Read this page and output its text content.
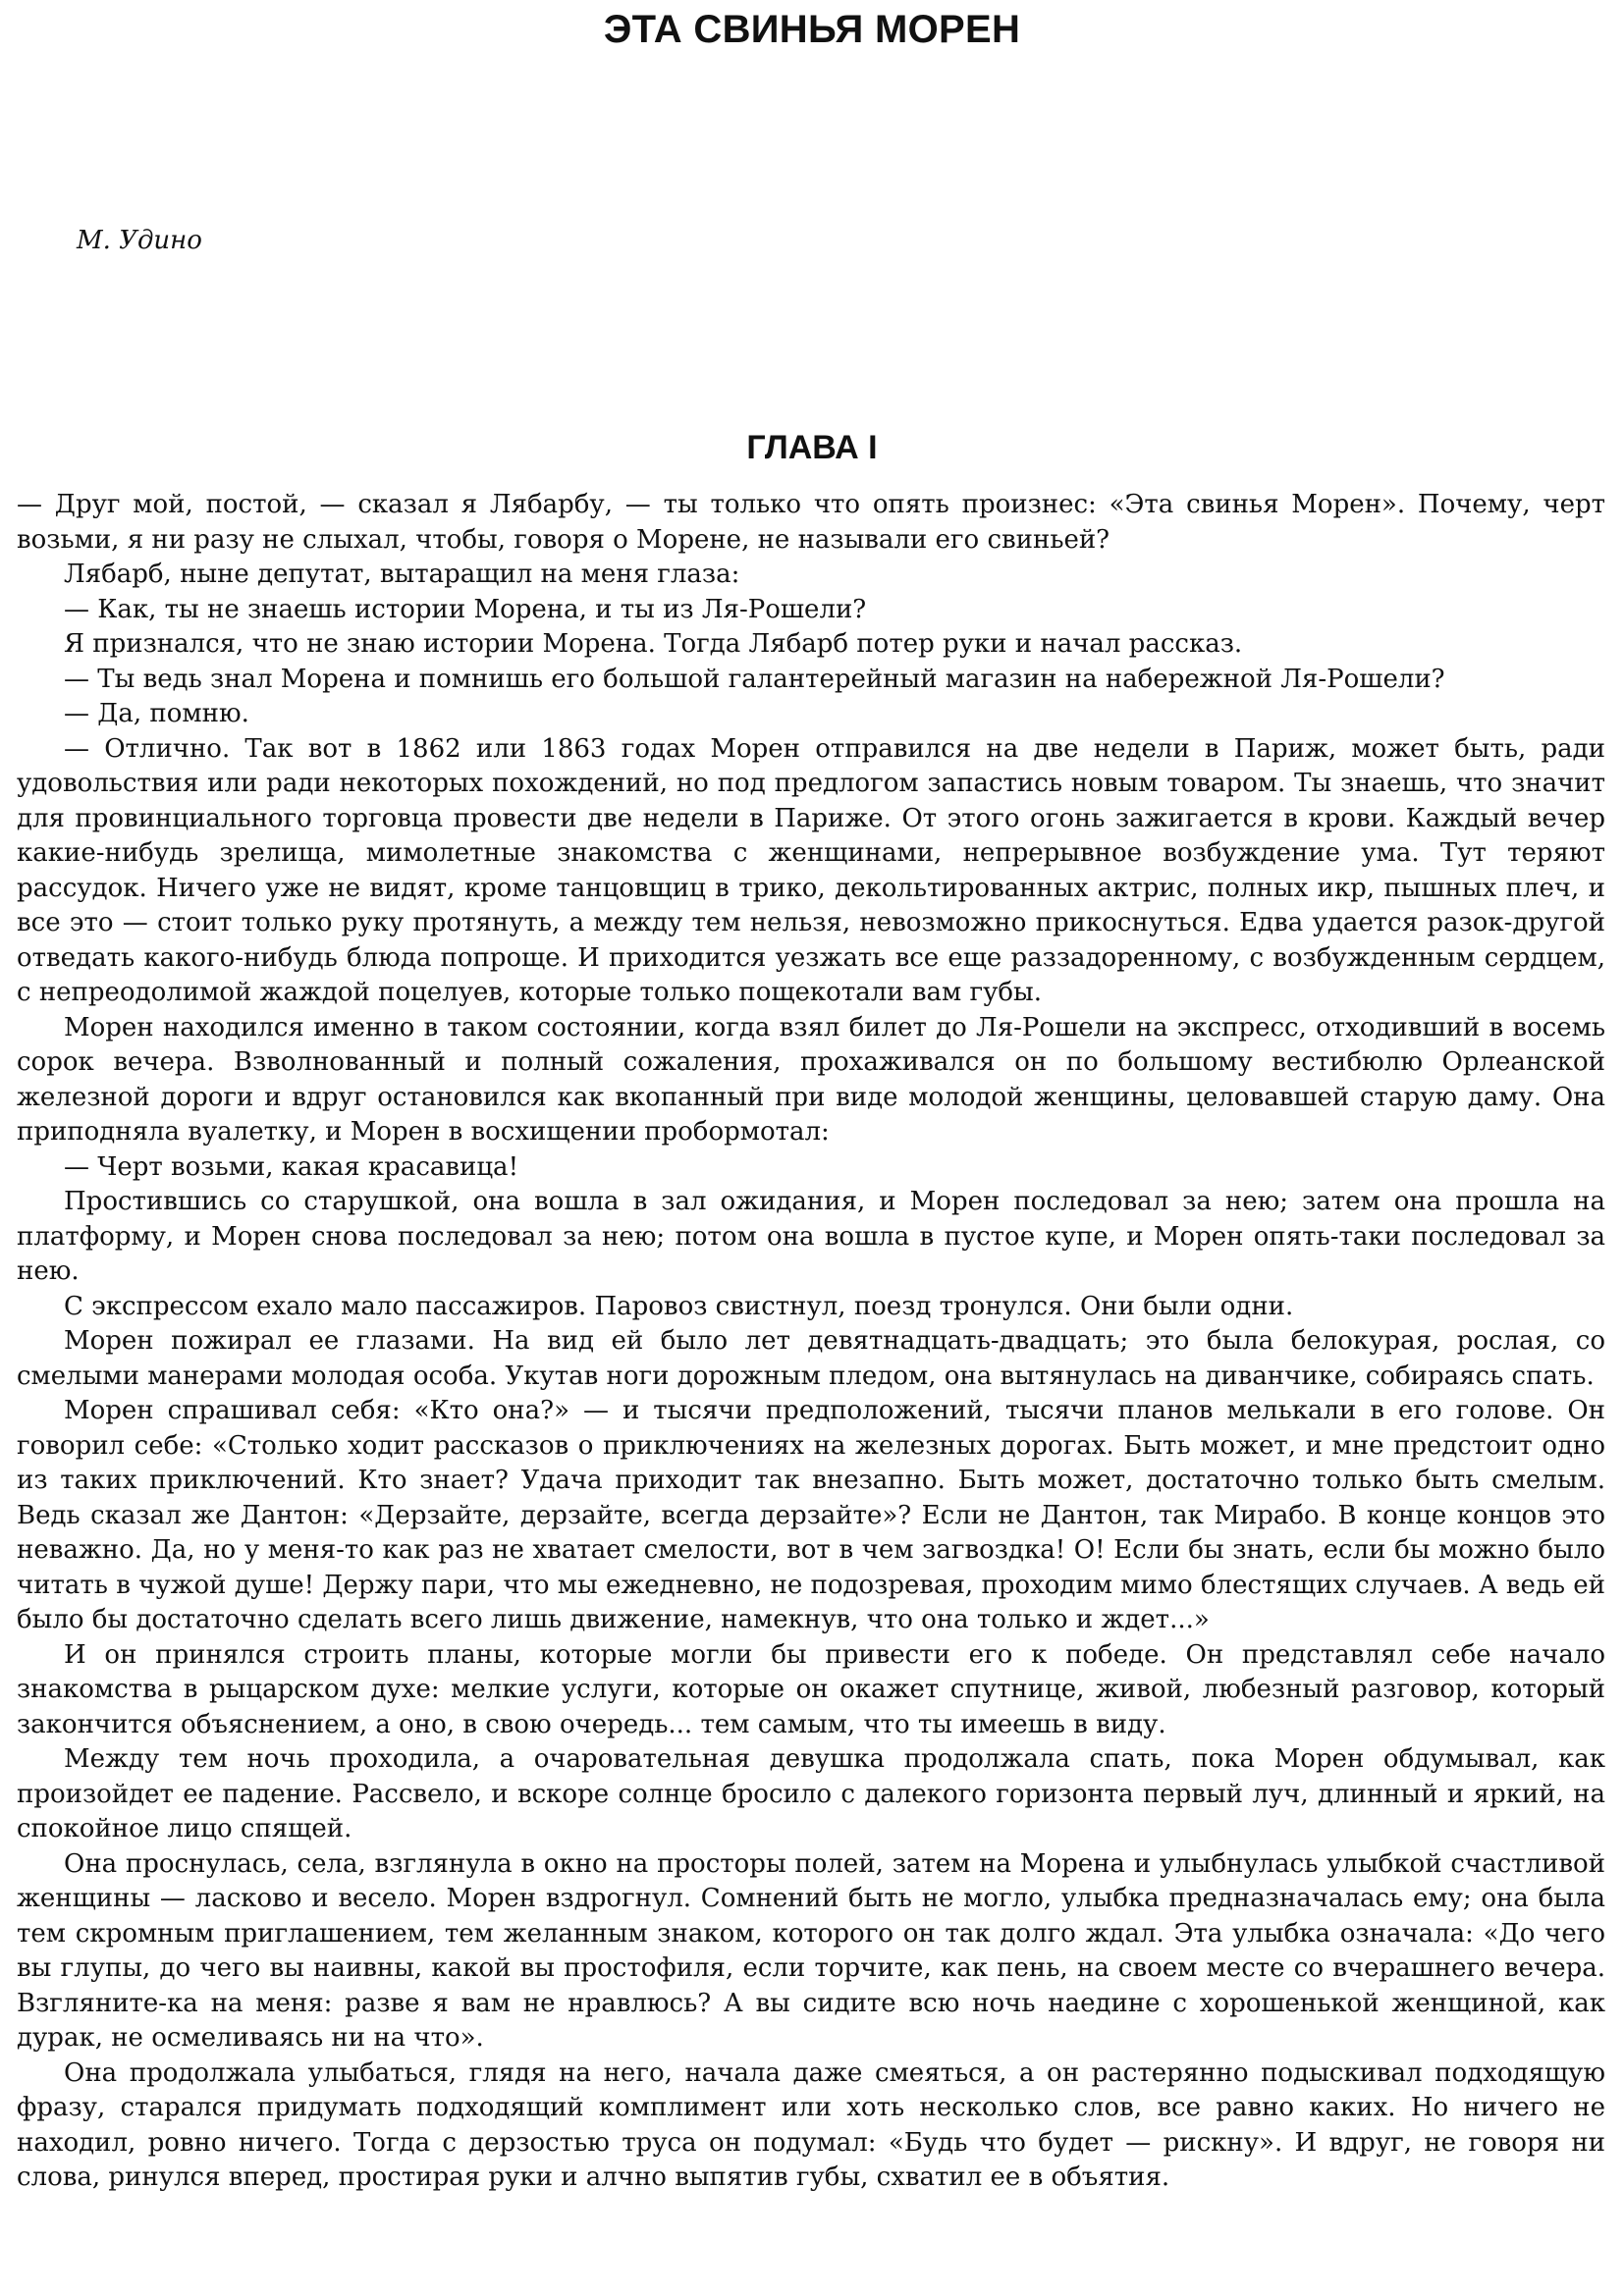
ЭТА СВИНЬЯ МОРЕН

М. Удино

ГЛАВА I

— Друг мой, постой, — сказал я Лябарбу, — ты только что опять произнес: «Эта свинья Морен». Почему, черт возьми, я ни разу не слыхал, чтобы, говоря о Морене, не называли его свиньей?

Лябарб, ныне депутат, вытаращил на меня глаза:

— Как, ты не знаешь истории Морена, и ты из Ля-Рошели?

Я признался, что не знаю истории Морена. Тогда Лябарб потер руки и начал рассказ.

— Ты ведь знал Морена и помнишь его большой галантерейный магазин на набережной Ля-Рошели?

— Да, помню.

— Отлично. Так вот в 1862 или 1863 годах Морен отправился на две недели в Париж, может быть, ради удовольствия или ради некоторых похождений, но под предлогом запастись новым товаром. Ты знаешь, что значит для провинциального торговца провести две недели в Париже. От этого огонь зажигается в крови. Каждый вечер какие-нибудь зрелища, мимолетные знакомства с женщинами, непрерывное возбуждение ума. Тут теряют рассудок. Ничего уже не видят, кроме танцовщиц в трико, декольтированных актрис, полных икр, пышных плеч, и все это — стоит только руку протянуть, а между тем нельзя, невозможно прикоснуться. Едва удается разок-другой отведать какого-нибудь блюда попроще. И приходится уезжать все еще раззадоренному, с возбужденным сердцем, с непреодолимой жаждой поцелуев, которые только пощекотали вам губы.

Морен находился именно в таком состоянии, когда взял билет до Ля-Рошели на экспресс, отходивший в восемь сорок вечера. Взволнованный и полный сожаления, прохаживался он по большому вестибюлю Орлеанской железной дороги и вдруг остановился как вкопанный при виде молодой женщины, целовавшей старую даму. Она приподняла вуалетку, и Морен в восхищении пробормотал:

— Черт возьми, какая красавица!

Простившись со старушкой, она вошла в зал ожидания, и Морен последовал за нею; затем она прошла на платформу, и Морен снова последовал за нею; потом она вошла в пустое купе, и Морен опять-таки последовал за нею.

С экспрессом ехало мало пассажиров. Паровоз свистнул, поезд тронулся. Они были одни.

Морен пожирал ее глазами. На вид ей было лет девятнадцать-двадцать; это была белокурая, рослая, со смелыми манерами молодая особа. Укутав ноги дорожным пледом, она вытянулась на диванчике, собираясь спать.

Морен спрашивал себя: «Кто она?» — и тысячи предположений, тысячи планов мелькали в его голове. Он говорил себе: «Столько ходит рассказов о приключениях на железных дорогах. Быть может, и мне предстоит одно из таких приключений. Кто знает? Удача приходит так внезапно. Быть может, достаточно только быть смелым. Ведь сказал же Дантон: «Дерзайте, дерзайте, всегда дерзайте»? Если не Дантон, так Мирабо. В конце концов это неважно. Да, но у меня-то как раз не хватает смелости, вот в чем загвоздка! О! Если бы знать, если бы можно было читать в чужой душе! Держу пари, что мы ежедневно, не подозревая, проходим мимо блестящих случаев. А ведь ей было бы достаточно сделать всего лишь движение, намекнув, что она только и ждет...»

И он принялся строить планы, которые могли бы привести его к победе. Он представлял себе начало знакомства в рыцарском духе: мелкие услуги, которые он окажет спутнице, живой, любезный разговор, который закончится объяснением, а оно, в свою очередь... тем самым, что ты имеешь в виду.

Между тем ночь проходила, а очаровательная девушка продолжала спать, пока Морен обдумывал, как произойдет ее падение. Рассвело, и вскоре солнце бросило с далекого горизонта первый луч, длинный и яркий, на спокойное лицо спящей.

Она проснулась, села, взглянула в окно на просторы полей, затем на Морена и улыбнулась улыбкой счастливой женщины — ласково и весело. Морен вздрогнул. Сомнений быть не могло, улыбка предназначалась ему; она была тем скромным приглашением, тем желанным знаком, которого он так долго ждал. Эта улыбка означала: «До чего вы глупы, до чего вы наивны, какой вы простофиля, если торчите, как пень, на своем месте со вчерашнего вечера. Взгляните-ка на меня: разве я вам не нравлюсь? А вы сидите всю ночь наедине с хорошенькой женщиной, как дурак, не осмеливаясь ни на что».

Она продолжала улыбаться, глядя на него, начала даже смеяться, а он растерянно подыскивал подходящую фразу, старался придумать подходящий комплимент или хоть несколько слов, все равно каких. Но ничего не находил, ровно ничего. Тогда с дерзостью труса он подумал: «Будь что будет — рискну». И вдруг, не говоря ни слова, ринулся вперед, простирая руки и алчно выпятив губы, схватил ее в объятия.
